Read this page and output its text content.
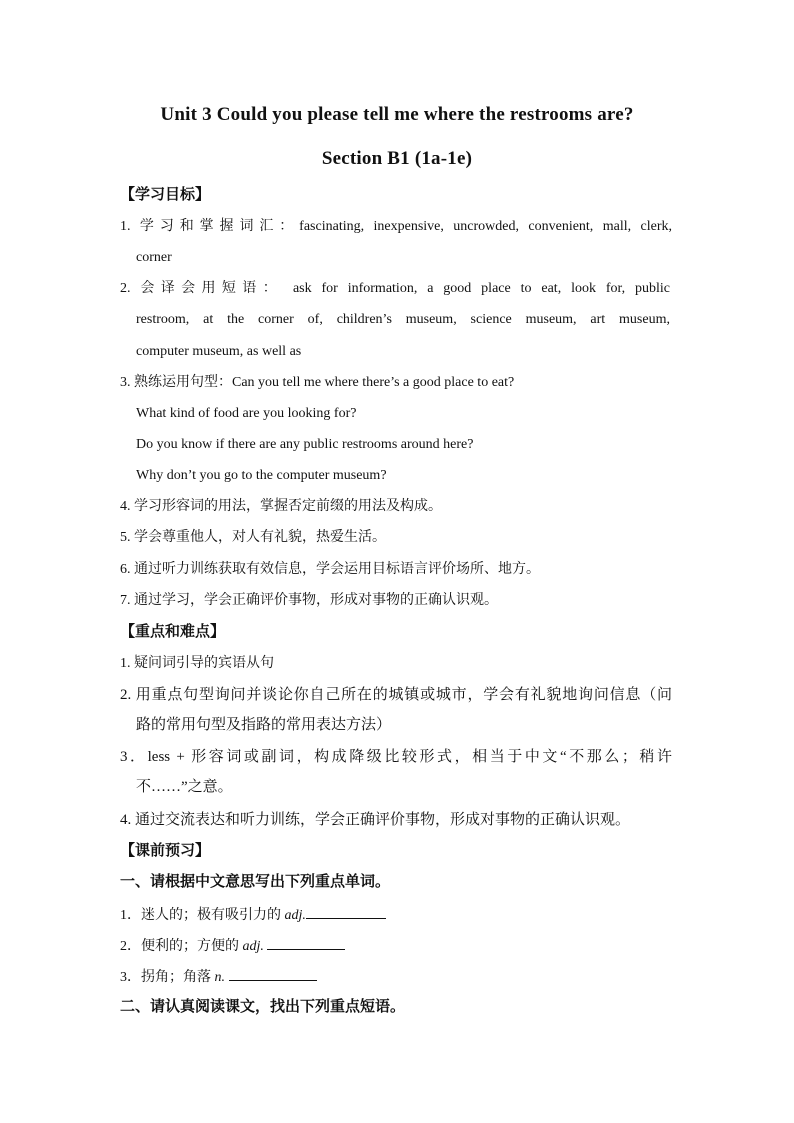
Unit 3 Could you please tell me where the restrooms are?
Section B1 (1a-1e)
【学习目标】
1. 学习和掌握词汇：fascinating, inexpensive, uncrowded, convenient, mall, clerk,
corner
2. 会译会用短语： ask for information, a good place to eat, look for, public
restroom, at the corner of, children’s museum, science museum, art museum,
computer museum, as well as
3. 熟练运用句型：Can you tell me where there’s a good place to eat?
What kind of food are you looking for?
Do you know if there are any public restrooms around here?
Why don’t you go to the computer museum?
4. 学习形容词的用法，掌握否定前缀的用法及构成。
5. 学会尊重他人，对人有礼貌，热爱生活。
6. 通过听力训练获取有效信息，学会运用目标语言评价场所、地方。
7. 通过学习，学会正确评价事物，形成对事物的正确认识观。
【重点和难点】
1. 疑问词引导的宾语从句
2. 用重点句型询问并谈论你自己所在的城镇或城市，学会有礼貌地询问信息（问
路的常用句型及指路的常用表达方法）
3．less + 形容词或副词，构成降级比较形式，相当于中文“不那么；稍许
不……”之意。
4. 通过交流表达和听力训练，学会正确评价事物，形成对事物的正确认识观。
【课前预习】
一、请根据中文意思写出下列重点单词。
1．迷人的；极有吸引力的 adj.
2．便利的；方便的 adj.
3．拐角；角落 n.
二、请认真阅读课文，找出下列重点短语。
